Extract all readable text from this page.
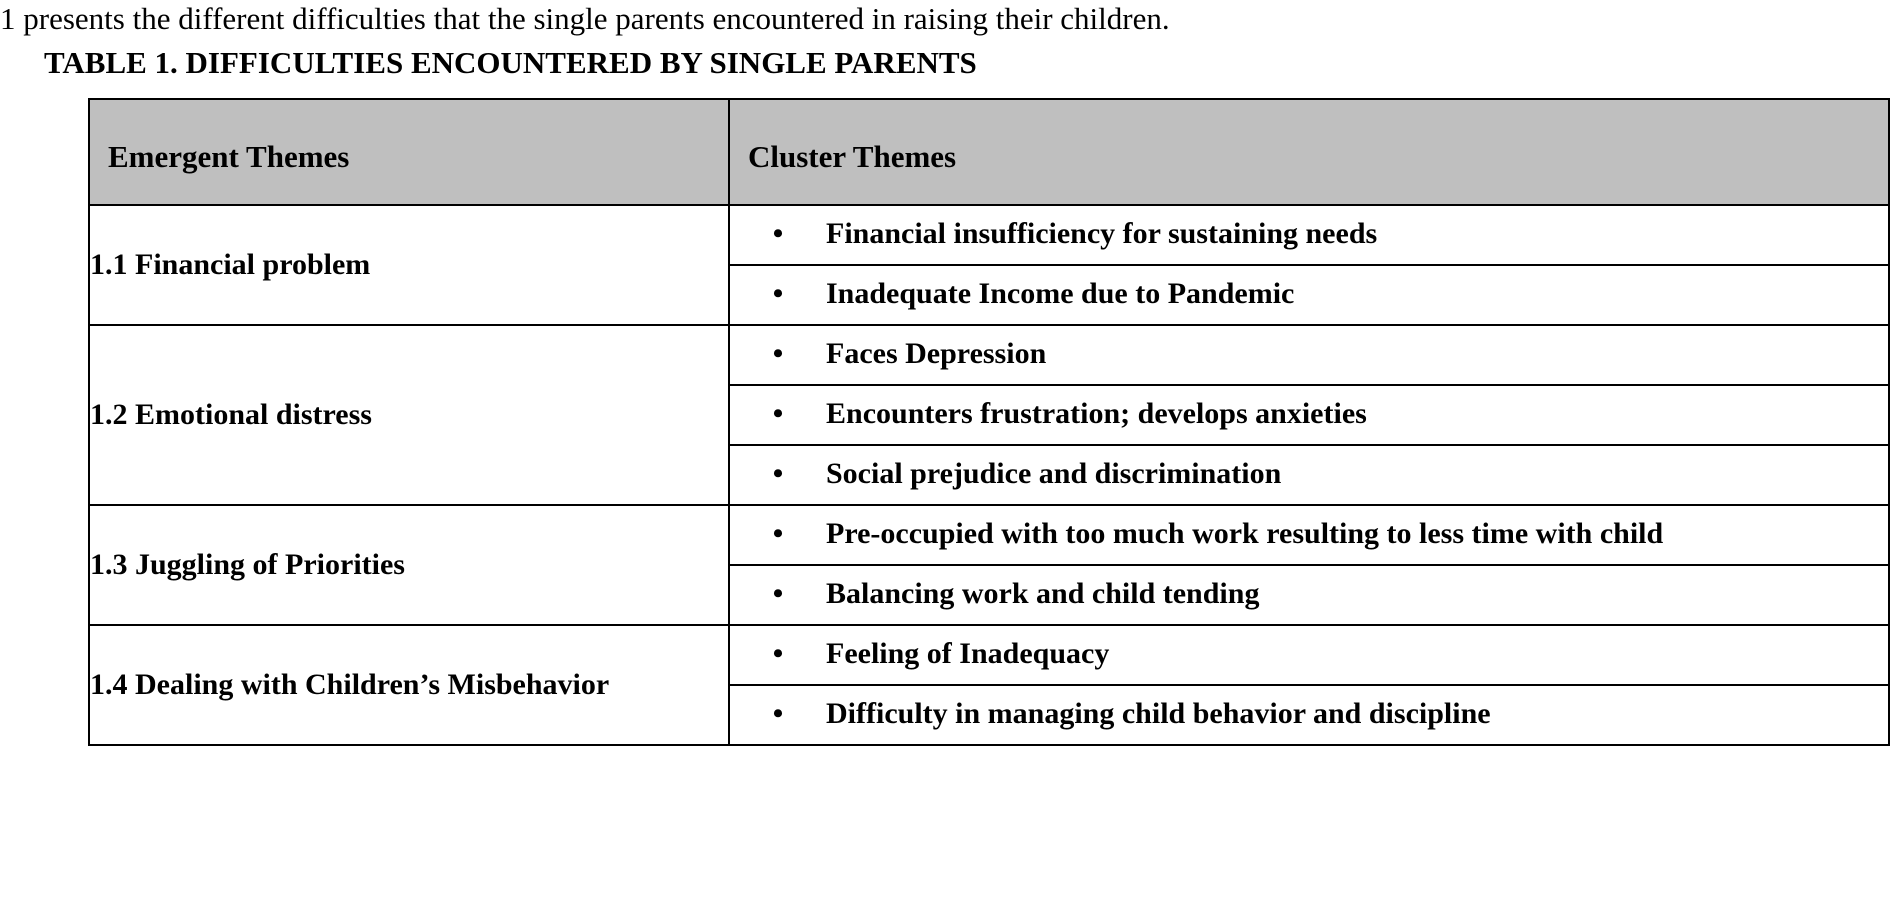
1 presents the different difficulties that the single parents encountered in raising their children.
TABLE 1. DIFFICULTIES ENCOUNTERED BY SINGLE PARENTS
Emergent Themes	Cluster Themes

1.1 Financial problem	
•	Financial insufficiency for sustaining needs

•	Inadequate Income due to Pandemic

1.2 Emotional distress	
•	Faces Depression

•	Encounters frustration; develops anxieties

•	Social prejudice and discrimination

1.3 Juggling of Priorities	
•	Pre-occupied with too much work resulting to less time with child

•	Balancing work and child tending

1.4 Dealing with Children’s Misbehavior	
•	Feeling of Inadequacy

•	Difficulty in managing child behavior and discipline
